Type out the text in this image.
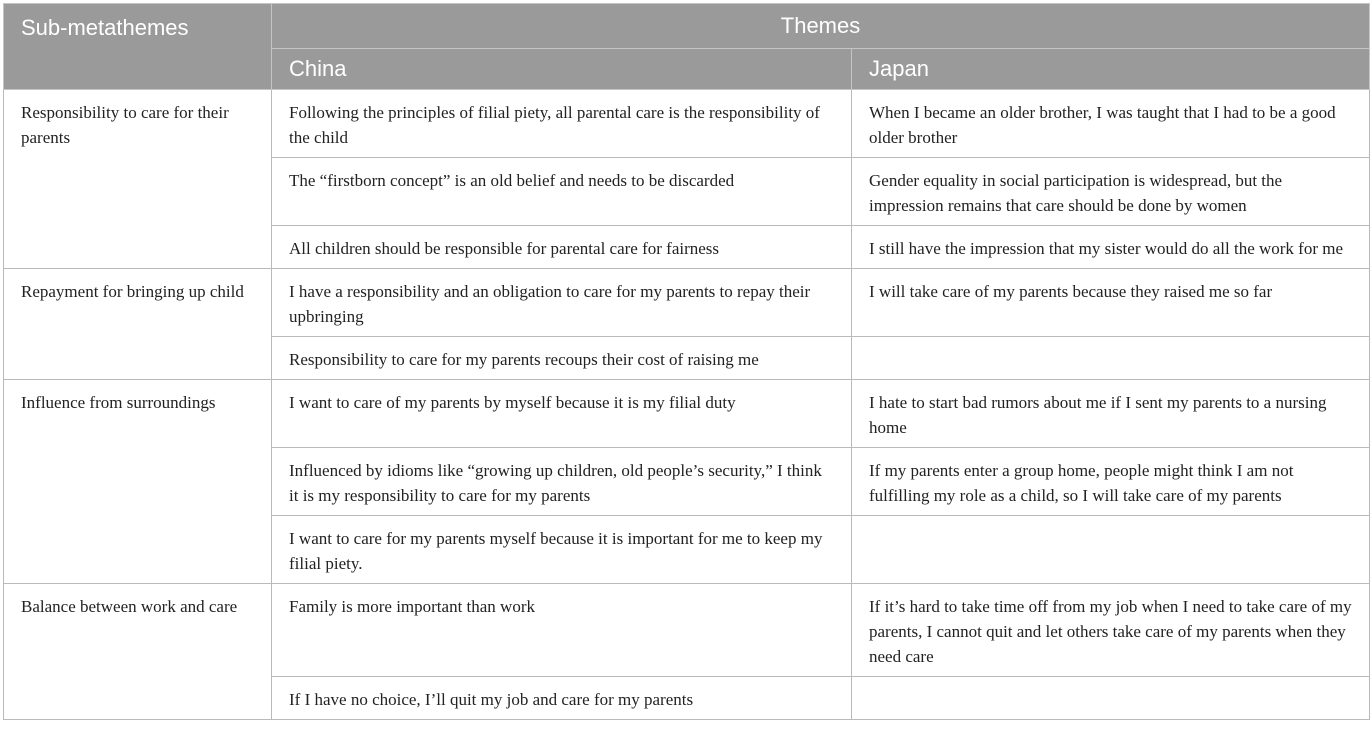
Sub-metathemes	Themes	
	China	Japan
Responsibility to care for their parents	Following the principles of filial piety, all parental care is the responsibility of the child	When I became an older brother, I was taught that I had to be a good older brother
	The “firstborn concept” is an old belief and needs to be discarded	Gender equality in social participation is widespread, but the impression remains that care should be done by women
	All children should be responsible for parental care for fairness	I still have the impression that my sister would do all the work for me
Repayment for bringing up child	I have a responsibility and an obligation to care for my parents to repay their upbringing	I will take care of my parents because they raised me so far
	Responsibility to care for my parents recoups their cost of raising me	
Influence from surroundings	I want to care of my parents by myself because it is my filial duty	I hate to start bad rumors about me if I sent my parents to a nursing home
	Influenced by idioms like “growing up children, old people’s security,” I think it is my responsibility to care for my parents	If my parents enter a group home, people might think I am not fulfilling my role as a child, so I will take care of my parents
	I want to care for my parents myself because it is important for me to keep my filial piety.	
Balance between work and care	Family is more important than work	If it’s hard to take time off from my job when I need to take care of my parents, I cannot quit and let others take care of my parents when they need care
	If I have no choice, I’ll quit my job and care for my parents	
